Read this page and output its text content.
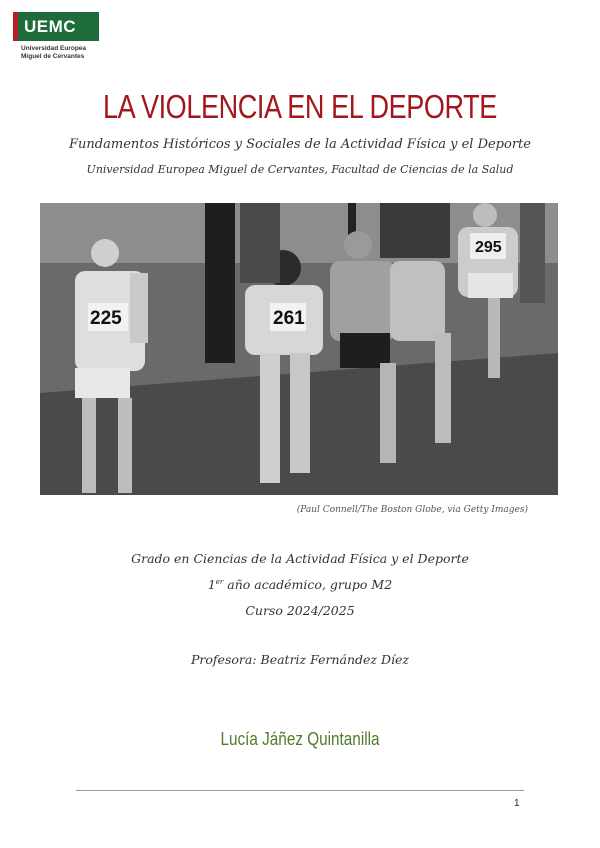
UEMC
Universidad Europea
Miguel de Cervantes
LA VIOLENCIA EN EL DEPORTE
Fundamentos Históricos y Sociales de la Actividad Física y el Deporte
Universidad Europea Miguel de Cervantes, Facultad de Ciencias de la Salud
225	261
295
(Paul Connell/The Boston Globe, via Getty Images)
Grado en Ciencias de la Actividad Física y el Deporte
1er año académico, grupo M2
Curso 2024/2025
Profesora: Beatriz Fernández Díez
Lucía Jáñez Quintanilla
1
